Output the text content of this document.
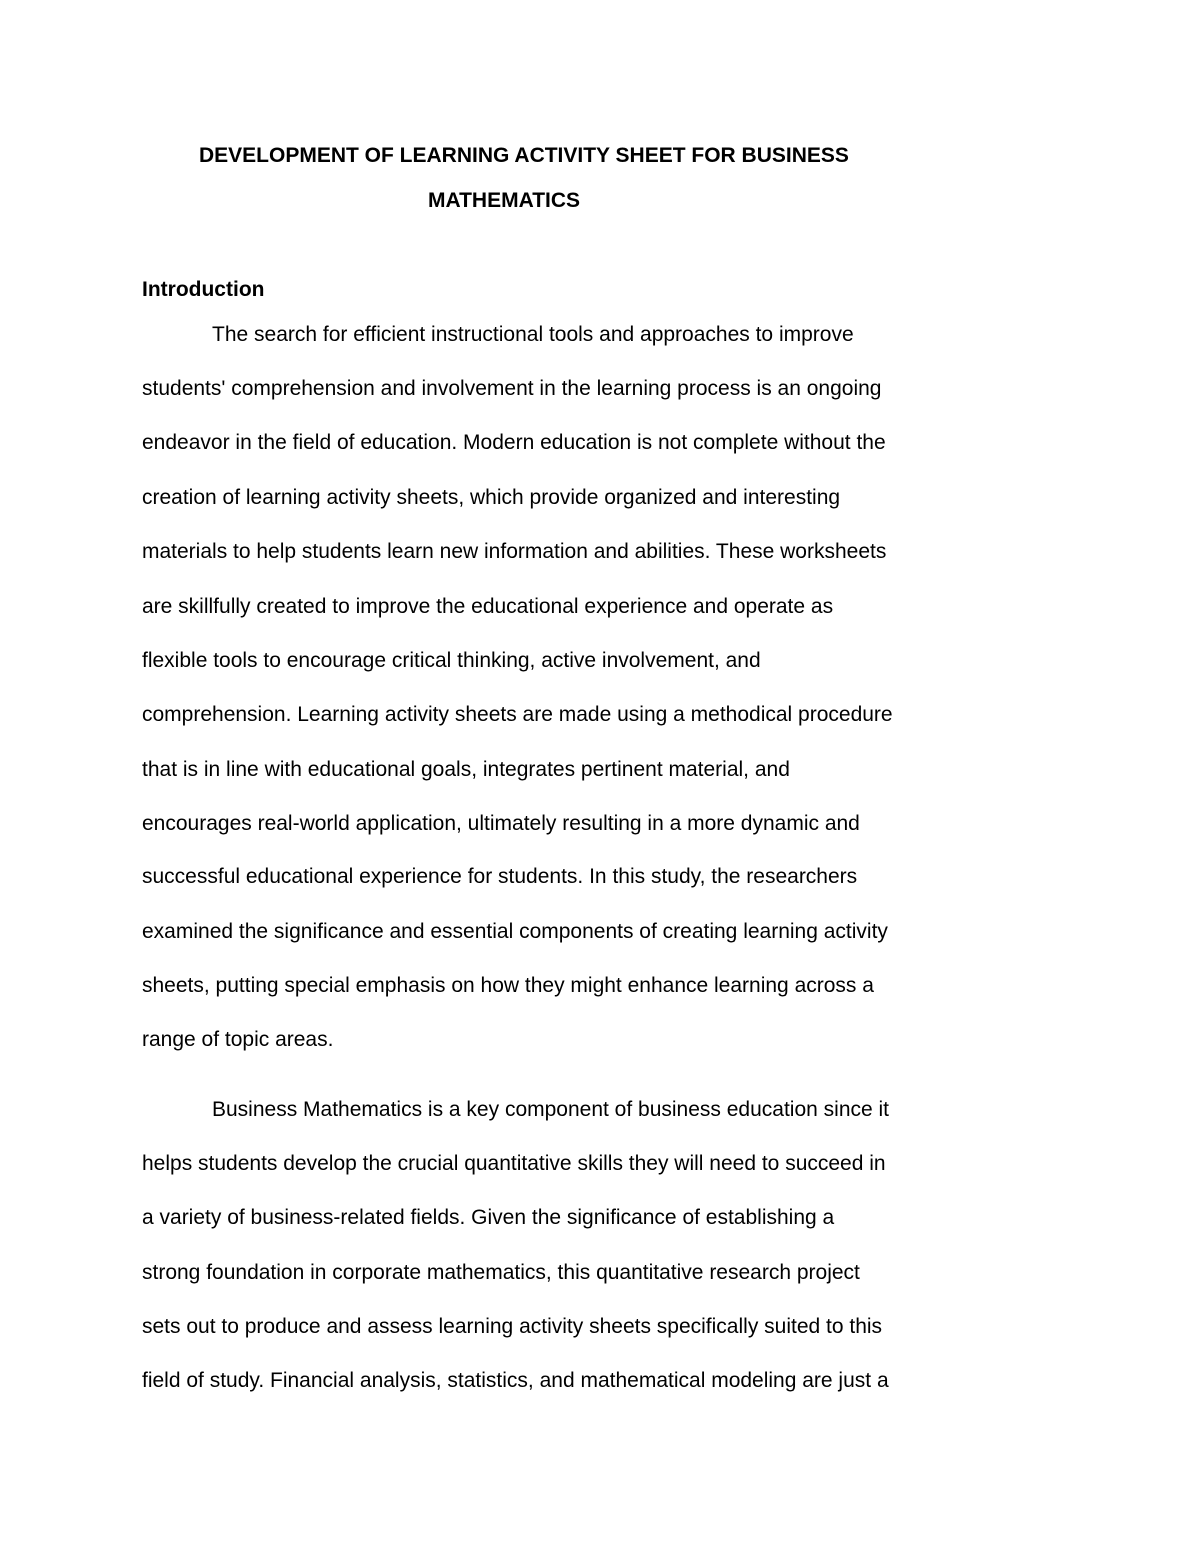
DEVELOPMENT OF LEARNING ACTIVITY SHEET FOR BUSINESS
MATHEMATICS
Introduction
The search for efficient instructional tools and approaches to improve
students' comprehension and involvement in the learning process is an ongoing
endeavor in the field of education. Modern education is not complete without the
creation of learning activity sheets, which provide organized and interesting
materials to help students learn new information and abilities. These worksheets
are skillfully created to improve the educational experience and operate as
flexible tools to encourage critical thinking, active involvement, and
comprehension. Learning activity sheets are made using a methodical procedure
that is in line with educational goals, integrates pertinent material, and
encourages real-world application, ultimately resulting in a more dynamic and
successful educational experience for students. In this study, the researchers
examined the significance and essential components of creating learning activity
sheets, putting special emphasis on how they might enhance learning across a
range of topic areas.
Business Mathematics is a key component of business education since it
helps students develop the crucial quantitative skills they will need to succeed in
a variety of business-related fields. Given the significance of establishing a
strong foundation in corporate mathematics, this quantitative research project
sets out to produce and assess learning activity sheets specifically suited to this
field of study. Financial analysis, statistics, and mathematical modeling are just a
